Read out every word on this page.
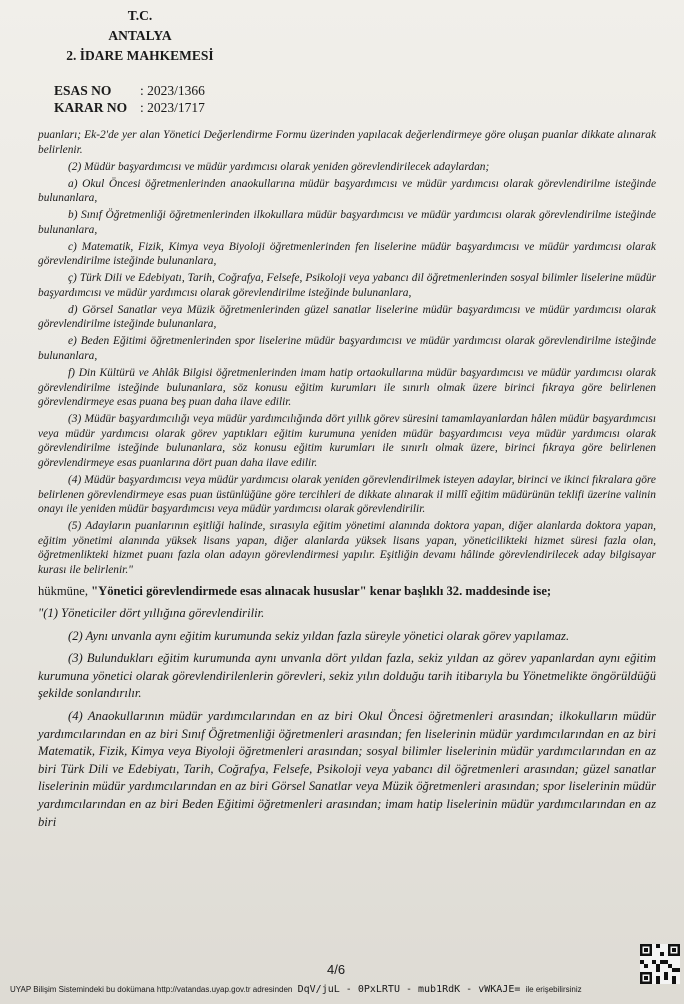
T.C.
ANTALYA
2. İDARE MAHKEMESİ
ESAS NO	: 2023/1366
KARAR NO : 2023/1717

puanları; Ek-2'de yer alan Yönetici Değerlendirme Formu üzerinden yapılacak değerlendirmeye göre oluşan puanlar dikkate alınarak belirlenir.

(2) Müdür başyardımcısı ve müdür yardımcısı olarak yeniden görevlendirilecek adaylardan;

a) Okul Öncesi öğretmenlerinden anaokullarına müdür başyardımcısı ve müdür yardımcısı olarak görevlendirilme isteğinde bulunanlara,

b) Sınıf Öğretmenliği öğretmenlerinden ilkokullara müdür başyardımcısı ve müdür yardımcısı olarak görevlendirilme isteğinde bulunanlara,

c) Matematik, Fizik, Kimya veya Biyoloji öğretmenlerinden fen liselerine müdür başyardımcısı ve müdür yardımcısı olarak görevlendirilme isteğinde bulunanlara,

ç) Türk Dili ve Edebiyatı, Tarih, Coğrafya, Felsefe, Psikoloji veya yabancı dil öğretmenlerinden sosyal bilimler liselerine müdür başyardımcısı ve müdür yardımcısı olarak görevlendirilme isteğinde bulunanlara,

d) Görsel Sanatlar veya Müzik öğretmenlerinden güzel sanatlar liselerine müdür başyardımcısı ve müdür yardımcısı olarak görevlendirilme isteğinde bulunanlara,

e) Beden Eğitimi öğretmenlerinden spor liselerine müdür başyardımcısı ve müdür yardımcısı olarak görevlendirilme isteğinde bulunanlara,

f) Din Kültürü ve Ahlâk Bilgisi öğretmenlerinden imam hatip ortaokullarına müdür başyardımcısı ve müdür yardımcısı olarak görevlendirilme isteğinde bulunanlara, söz konusu eğitim kurumları ile sınırlı olmak üzere birinci fıkraya göre belirlenen görevlendirmeye esas puana beş puan daha ilave edilir.

(3) Müdür başyardımcılığı veya müdür yardımcılığında dört yıllık görev süresini tamamlayanlardan hâlen müdür başyardımcısı veya müdür yardımcısı olarak görev yaptıkları eğitim kurumuna yeniden müdür başyardımcısı veya müdür yardımcısı olarak görevlendirilme isteğinde bulunanlara, söz konusu eğitim kurumları ile sınırlı olmak üzere, birinci fıkraya göre belirlenen görevlendirmeye esas puanlarına dört puan daha ilave edilir.

(4) Müdür başyardımcısı veya müdür yardımcısı olarak yeniden görevlendirilmek isteyen adaylar, birinci ve ikinci fıkralara göre belirlenen görevlendirmeye esas puan üstünlüğüne göre tercihleri de dikkate alınarak il millî eğitim müdürünün teklifi üzerine valinin onayı ile yeniden müdür başyardımcısı veya müdür yardımcısı olarak görevlendirilir.

(5) Adayların puanlarının eşitliği halinde, sırasıyla eğitim yönetimi alanında doktora yapan, diğer alanlarda doktora yapan, eğitim yönetimi alanında yüksek lisans yapan, diğer alanlarda yüksek lisans yapan, yöneticilikteki hizmet süresi fazla olan, öğretmenlikteki hizmet puanı fazla olan adayın görevlendirmesi yapılır. Eşitliğin devamı hâlinde görevlendirilecek aday bilgisayar kurası ile belirlenir."

hükmüne, "Yönetici görevlendirmede esas alınacak hususlar" kenar başlıklı 32. maddesinde ise;

"(1) Yöneticiler dört yıllığına görevlendirilir.

(2) Aynı unvanla aynı eğitim kurumunda sekiz yıldan fazla süreyle yönetici olarak görev yapılamaz.

(3) Bulundukları eğitim kurumunda aynı unvanla dört yıldan fazla, sekiz yıldan az görev yapanlardan aynı eğitim kurumuna yönetici olarak görevlendirilenlerin görevleri, sekiz yılın dolduğu tarih itibarıyla bu Yönetmelikte öngörüldüğü şekilde sonlandırılır.

(4) Anaokullarının müdür yardımcılarından en az biri Okul Öncesi öğretmenleri arasından; ilkokulların müdür yardımcılarından en az biri Sınıf Öğretmenliği öğretmenleri arasından; fen liselerinin müdür yardımcılarından en az biri Matematik, Fizik, Kimya veya Biyoloji öğretmenleri arasından; sosyal bilimler liselerinin müdür yardımcılarından en az biri Türk Dili ve Edebiyatı, Tarih, Coğrafya, Felsefe, Psikoloji veya yabancı dil öğretmenleri arasından; güzel sanatlar liselerinin müdür yardımcılarından en az biri Görsel Sanatlar veya Müzik öğretmenleri arasından; spor liselerinin müdür yardımcılarından en az biri Beden Eğitimi öğretmenleri arasından; imam hatip liselerinin müdür yardımcılarından en az biri

4/6
UYAP Bilişim Sistemindeki bu dokümana http://vatandas.uyap.gov.tr adresinden DqV/juL - 0PxLRTU - mub1RdK - vWKAJE= ile erişebilirsiniz
